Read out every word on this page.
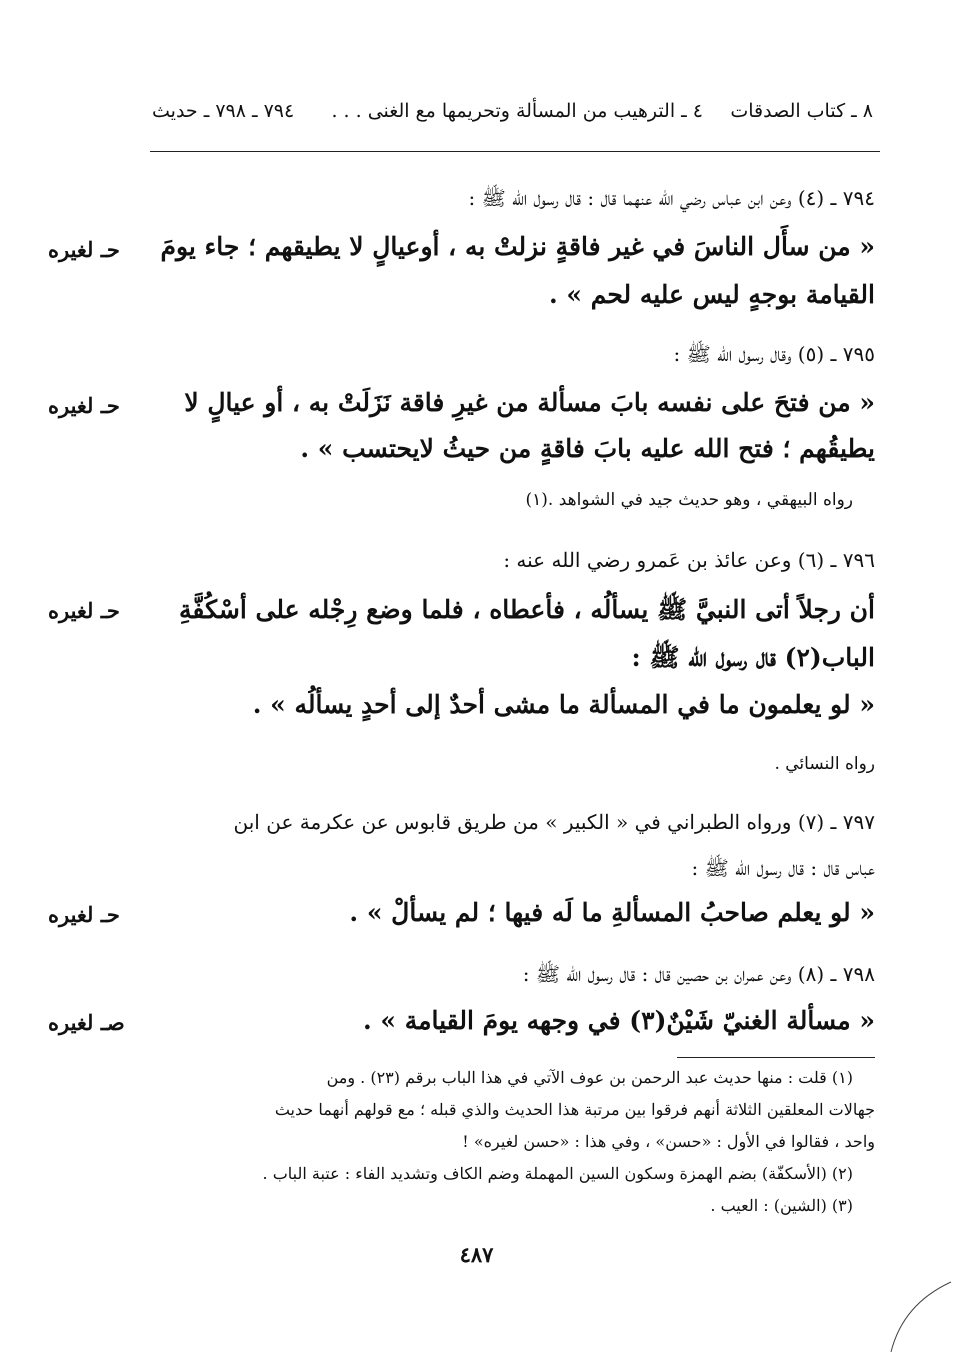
٨ ـ كتاب الصدقات
٤ ـ الترهيب من المسألة وتحريمها مع الغنى . . .
٧٩٤ ـ ٧٩٨ ـ حديث
٧٩٤ ـ (٤) وعن ابن عباس رضي الله عنهما قال : قال رسول الله ﷺ :
« من سأَل الناسَ في غير فاقةٍ نزلتْ به ، أوعيالٍ لا يطيقهم ؛ جاء يومَ
القيامة بوجهٍ ليس عليه لحم » .
حـ لغيره
٧٩٥ ـ (٥) وقال رسول الله ﷺ :
« من فتحَ على نفسه بابَ مسألة من غيرِ فاقة نَزَلَتْ به ، أو عيالٍ لا
يطيقُهم ؛ فتح الله عليه بابَ فاقةٍ من حيثُ لايحتسب » .
رواه البيهقي ، وهو حديث جيد في الشواهد .(١)
حـ لغيره
٧٩٦ ـ (٦) وعن عائذ بن عَمرو رضي الله عنه :
أن رجلاً أتى النبيَّ ﷺ يسألُه ، فأعطاه ، فلما وضع رِجْله على أسْكُفَّةِ
الباب(٢) قال رسول الله ﷺ :
« لو يعلمون ما في المسألة ما مشى أحدٌ إلى أحدٍ يسألُه » .
رواه النسائي .
حـ لغيره
٧٩٧ ـ (٧) ورواه الطبراني في « الكبير » من طريق قابوس عن عكرمة عن ابن
عباس قال : قال رسول الله ﷺ :
« لو يعلم صاحبُ المسألةِ ما لَه فيها ؛ لم يسألْ » .
حـ لغيره
٧٩٨ ـ (٨) وعن عمران بن حصين قال : قال رسول الله ﷺ :
« مسألة الغنيّ شَيْنٌ(٣) في وجهه يومَ القيامة » .
صـ لغيره
(١) قلت : منها حديث عبد الرحمن بن عوف الآتي في هذا الباب برقم (٢٣) . ومن
جهالات المعلقين الثلاثة أنهم فرقوا بين مرتبة هذا الحديث والذي قبله ؛ مع قولهم أنهما حديث
واحد ، فقالوا في الأول : «حسن» ، وفي هذا : «حسن لغيره» !
(٢) (الأسكفّة) بضم الهمزة وسكون السين المهملة وضم الكاف وتشديد الفاء : عتبة الباب .
(٣) (الشين) : العيب .
٤٨٧
